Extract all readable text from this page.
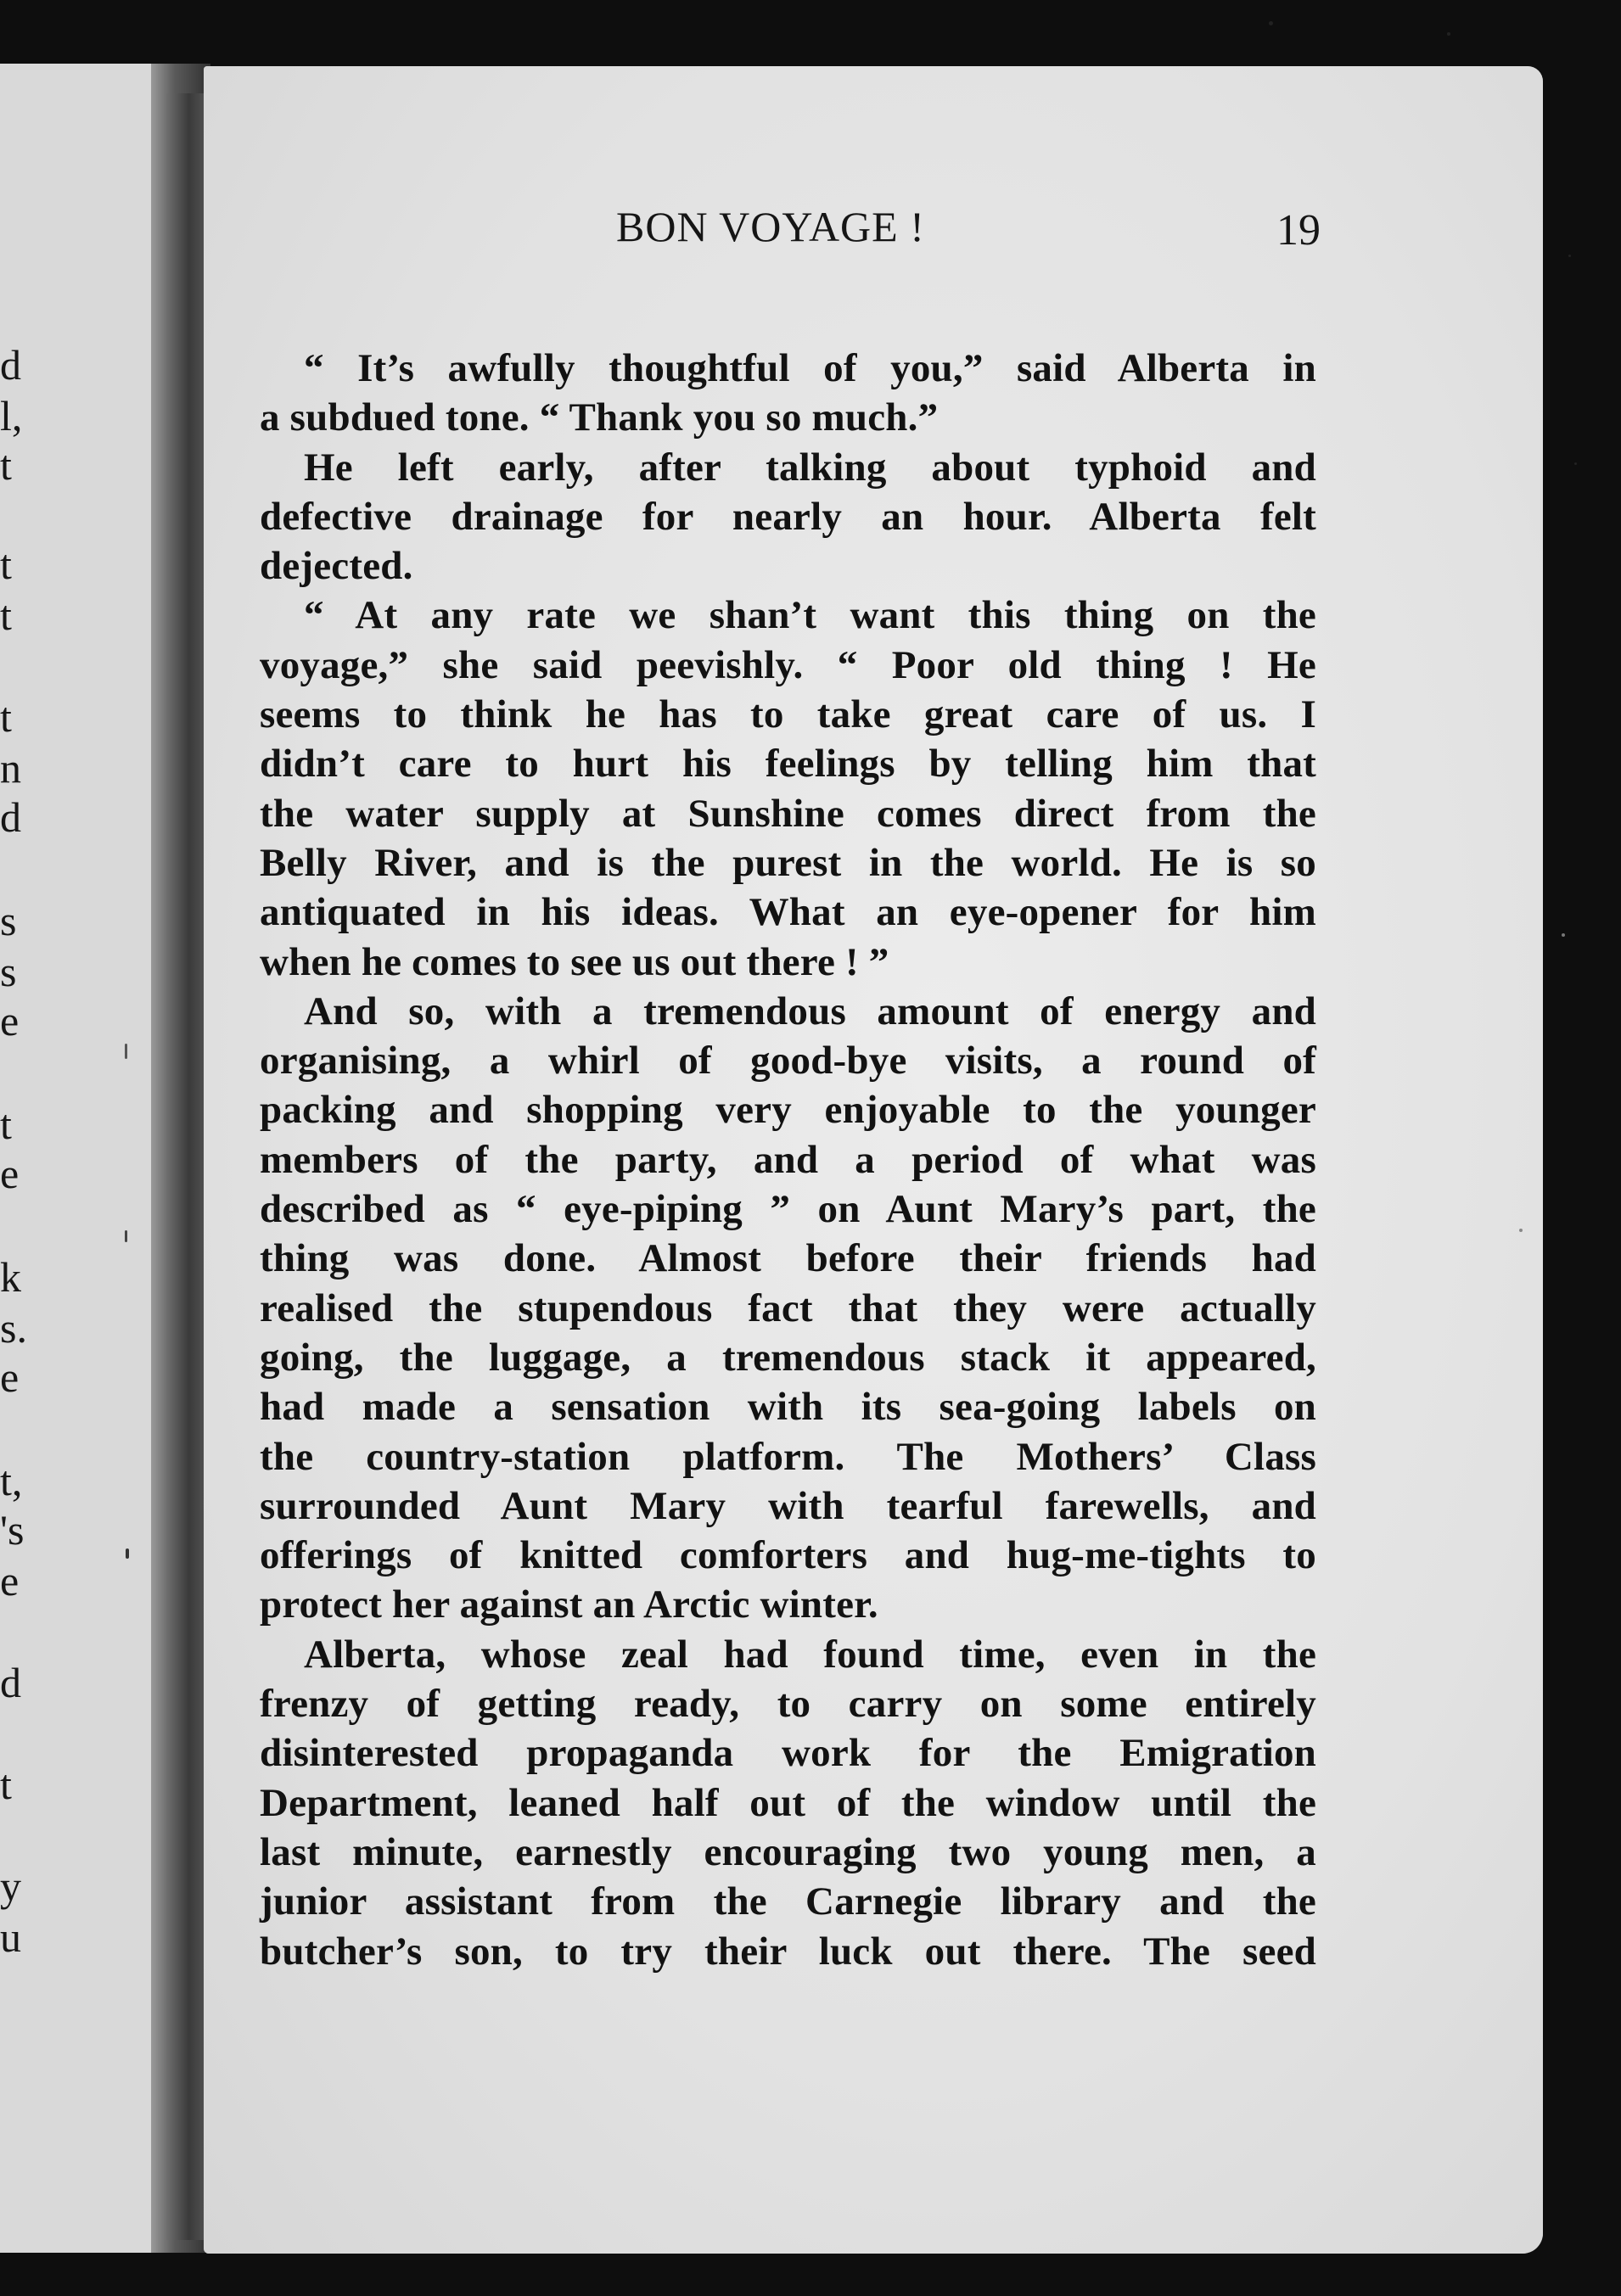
d
l,
t
t
t
t
n
d
s
s
e
t
e
k
s.
e
t,
's
e
d
t
y
u
BON VOYAGE !	19
“ It’s awfully thoughtful of you,” said Alberta in
a subdued tone. “ Thank you so much.”
He left early, after talking about typhoid and
defective drainage for nearly an hour. Alberta felt
dejected.
“ At any rate we shan’t want this thing on the
voyage,” she said peevishly. “ Poor old thing ! He
seems to think he has to take great care of us. I
didn’t care to hurt his feelings by telling him that
the water supply at Sunshine comes direct from the
Belly River, and is the purest in the world. He is so
antiquated in his ideas. What an eye-opener for him
when he comes to see us out there ! ”
And so, with a tremendous amount of energy and
organising, a whirl of good-bye visits, a round of
packing and shopping very enjoyable to the younger
members of the party, and a period of what was
described as “ eye-piping ” on Aunt Mary’s part, the
thing was done. Almost before their friends had
realised the stupendous fact that they were actually
going, the luggage, a tremendous stack it appeared,
had made a sensation with its sea-going labels on
the country-station platform. The Mothers’ Class
surrounded Aunt Mary with tearful farewells, and
offerings of knitted comforters and hug-me-tights to
protect her against an Arctic winter.
Alberta, whose zeal had found time, even in the
frenzy of getting ready, to carry on some entirely
disinterested propaganda work for the Emigration
Department, leaned half out of the window until the
last minute, earnestly encouraging two young men, a
junior assistant from the Carnegie library and the
butcher’s son, to try their luck out there. The seed
